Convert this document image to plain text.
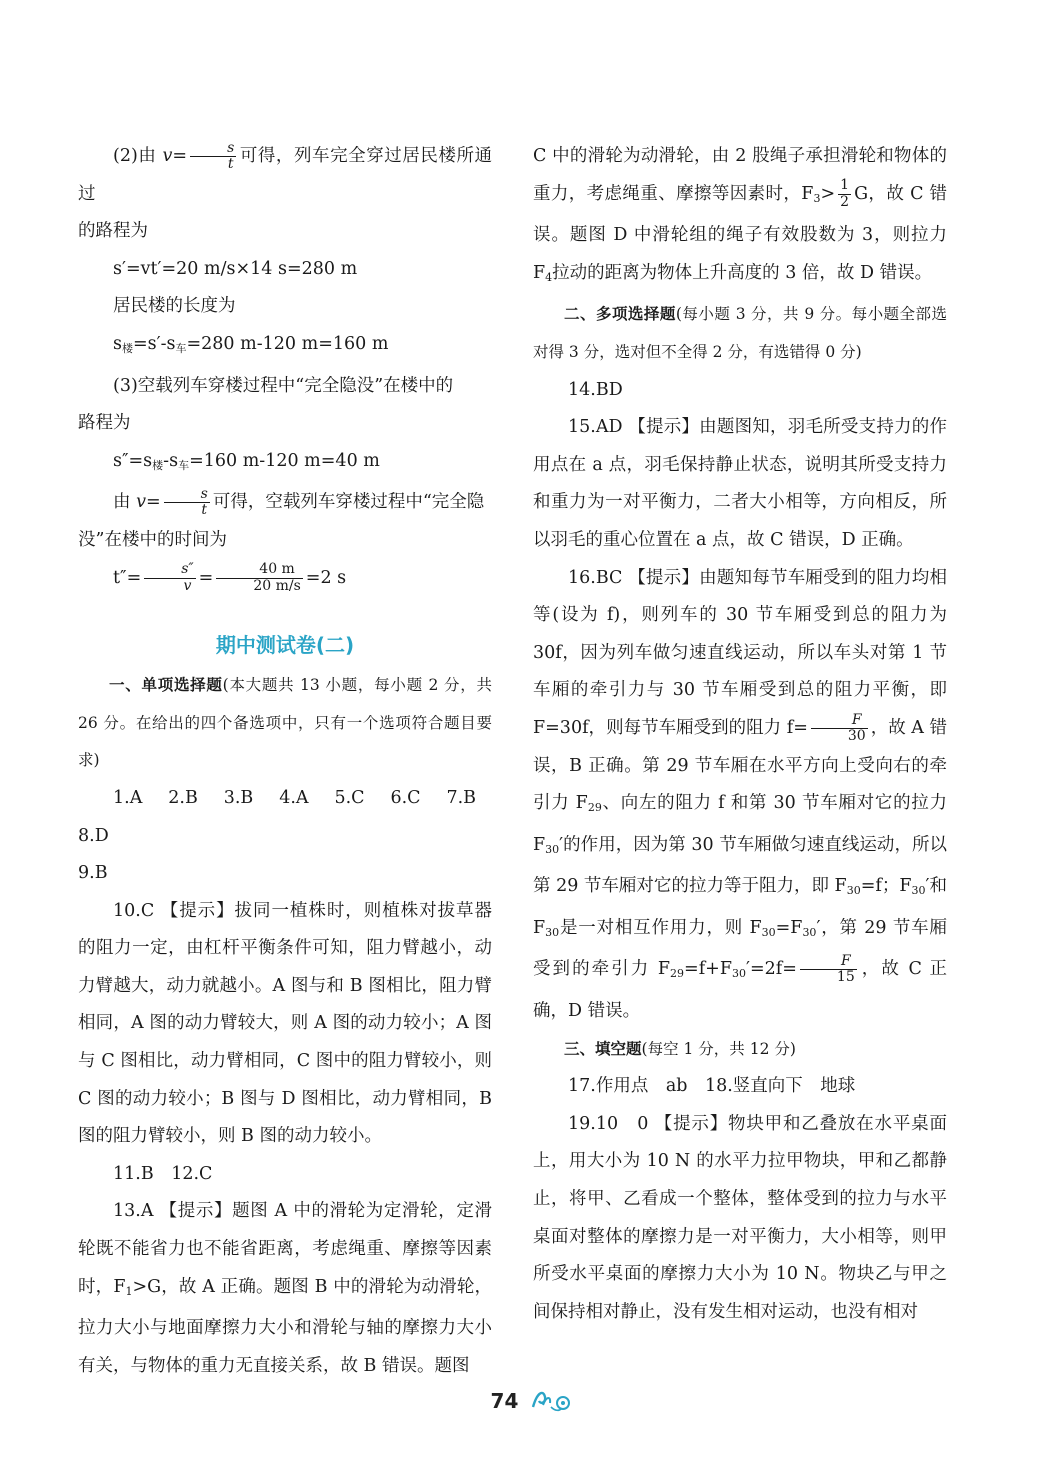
(2)由 $v= \frac{s}{t}$ 可得，列车完全穿过居民楼所通过

的路程为

s′=vt′=20 m/s×14 s=280 m

居民楼的长度为

$s_楼=s'-s_车=280$ m-120 m=160 m

(3)空载列车穿楼过程中“完全隐没”在楼中的

路程为

$s''=s_楼-s_车=160$ m-120 m=40 m

由 $v= \frac{s}{t}$ 可得，空载列车穿楼过程中“完全隐

没”在楼中的时间为

$t''= \frac{s''}{v} = \frac{40 m}{20 m/s} =2$ s

期中测试卷(二)

一、单项选择题(本大题共 13 小题，每小题 2 分，共 26 分。在给出的四个备选项中，只有一个选项符合题目要求)

1.A 2.B 3.B 4.A 5.C 6.C 7.B 8.D

9.B

10.C 【提示】拔同一植株时，则植株对拔草器的阻力一定，由杠杆平衡条件可知，阻力臂越小，动力臂越大，动力就越小。A 图与和 B 图相比，阻力臂相同，A 图的动力臂较大，则 A 图的动力较小；A 图与 C 图相比，动力臂相同，C 图中的阻力臂较小，则 C 图的动力较小；B 图与 D 图相比，动力臂相同，B 图的阻力臂较小，则 B 图的动力较小。

11.B　 12.C

13.A 【提示】题图 A 中的滑轮为定滑轮，定滑轮既不能省力也不能省距离，考虑绳重、摩擦等因素时，$F_1>G$，故 A 正确。题图 B 中的滑轮为动滑轮，拉力大小与地面摩擦力大小和滑轮与轴的摩擦力大小有关，与物体的重力无直接关系，故 B 错误。题图

C 中的滑轮为动滑轮，由 2 股绳子承担滑轮和物体的重力，考虑绳重、摩擦等因素时，$F_3> \frac{1}{2}$ G，故 C 错误。题图 D 中滑轮组的绳子有效股数为 3，则拉力 $F_4$拉动的距离为物体上升高度的 3 倍，故 D 错误。

二、多项选择题(每小题 3 分，共 9 分。每小题全部选对得 3 分，选对但不全得 2 分，有选错得 0 分)

14.BD

15.AD 【提示】由题图知，羽毛所受支持力的作用点在 a 点，羽毛保持静止状态，说明其所受支持力和重力为一对平衡力，二者大小相等，方向相反，所以羽毛的重心位置在 a 点，故 C 错误，D 正确。

16.BC 【提示】由题知每节车厢受到的阻力均相等(设为 f)，则列车的 30 节车厢受到总的阻力为 30f，因为列车做匀速直线运动，所以车头对第 1 节车厢的牵引力与 30 节车厢受到总的阻力平衡，即 F=30f，则每节车厢受到的阻力 $f= \frac{F}{30}$ ，故 A 错误，B 正确。第 29 节车厢在水平方向上受向右的牵引力 $F_{29}$、向左的阻力 f 和第 30 节车厢对它的拉力 $F_{30}'$的作用，因为第 30 节车厢做匀速直线运动，所以第 29 节车厢对它的拉力等于阻力，即 $F_{30}=f$；$F_{30}'$和 $F_{30}$是一对相互作用力，则 $F_{30}=F_{30}'$，第 29 节车厢受到的牵引力 $F_{29}=f+F_{30}'=2f= \frac{F}{15}$ ，故 C 正确，D 错误。

三、填空题(每空 1 分，共 12 分)

17.作用点　ab　18.竖直向下　地球

19.10　0 【提示】物块甲和乙叠放在水平桌面上，用大小为 10 N 的水平力拉甲物块，甲和乙都静止，将甲、乙看成一个整体，整体受到的拉力与水平桌面对整体的摩擦力是一对平衡力，大小相等，则甲所受水平桌面的摩擦力大小为 10 N。物块乙与甲之间保持相对静止，没有发生相对运动，也没有相对

74
